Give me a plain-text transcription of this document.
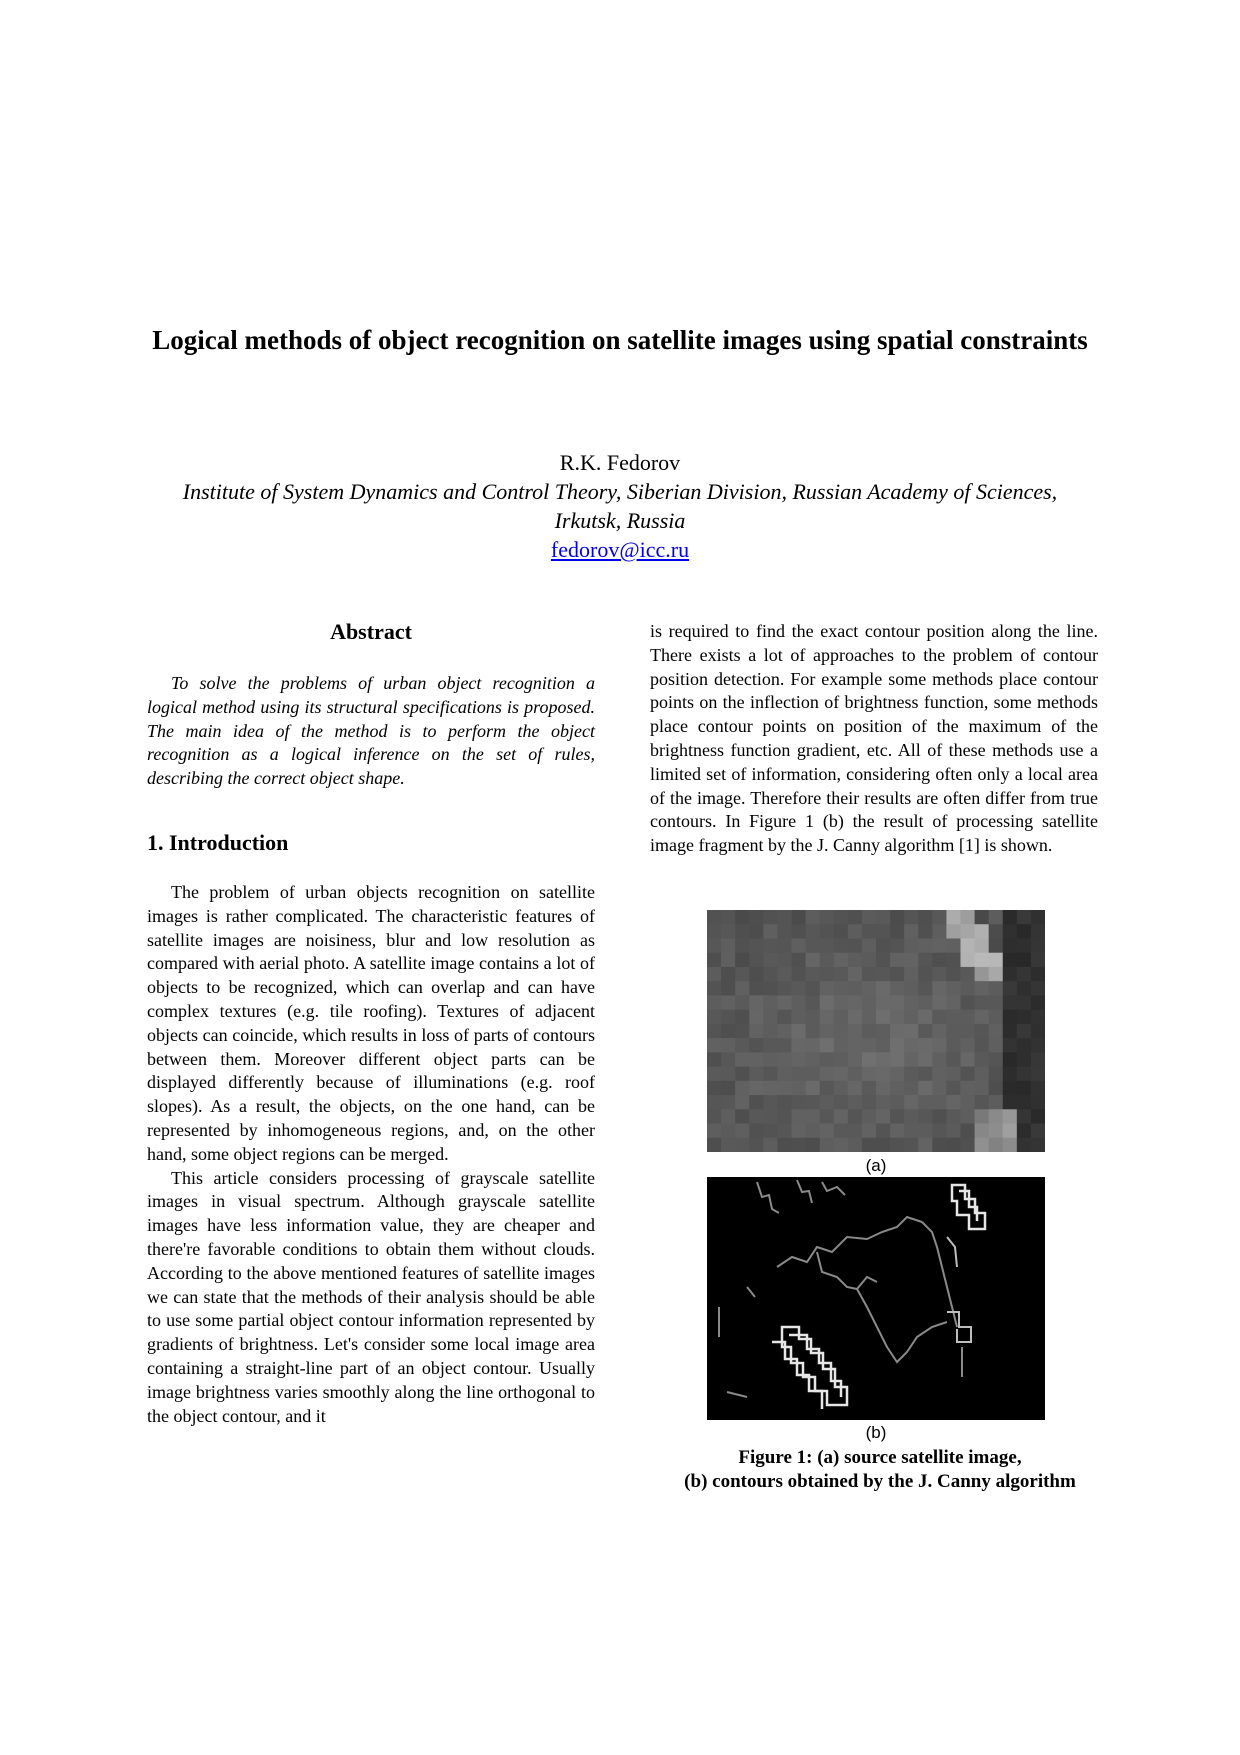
Logical methods of object recognition on satellite images using spatial constraints
R.K. Fedorov
Institute of System Dynamics and Control Theory, Siberian Division, Russian Academy of Sciences, Irkutsk, Russia
fedorov@icc.ru
Abstract

To solve the problems of urban object recognition a logical method using its structural specifications is proposed. The main idea of the method is to perform the object recognition as a logical inference on the set of rules, describing the correct object shape.

1. Introduction

The problem of urban objects recognition on satellite images is rather complicated. The characteristic features of satellite images are noisiness, blur and low resolution as compared with aerial photo. A satellite image contains a lot of objects to be recognized, which can overlap and can have complex textures (e.g. tile roofing). Textures of adjacent objects can coincide, which results in loss of parts of contours between them. Moreover different object parts can be displayed differently because of illuminations (e.g. roof slopes). As a result, the objects, on the one hand, can be represented by inhomogeneous regions, and, on the other hand, some object regions can be merged.

This article considers processing of grayscale satellite images in visual spectrum. Although grayscale satellite images have less information value, they are cheaper and there're favorable conditions to obtain them without clouds. According to the above mentioned features of satellite images we can state that the methods of their analysis should be able to use some partial object contour information represented by gradients of brightness. Let's consider some local image area containing a straight-line part of an object contour. Usually image brightness varies smoothly along the line orthogonal to the object contour, and it

is required to find the exact contour position along the line. There exists a lot of approaches to the problem of contour position detection. For example some methods place contour points on the inflection of brightness function, some methods place contour points on position of the maximum of the brightness function gradient, etc. All of these methods use a limited set of information, considering often only a local area of the image. Therefore their results are often differ from true contours. In Figure 1 (b) the result of processing satellite image fragment by the J. Canny algorithm [1] is shown.

(a)
(b)
Figure 1: (a) source satellite image,
(b) contours obtained by the J. Canny algorithm
